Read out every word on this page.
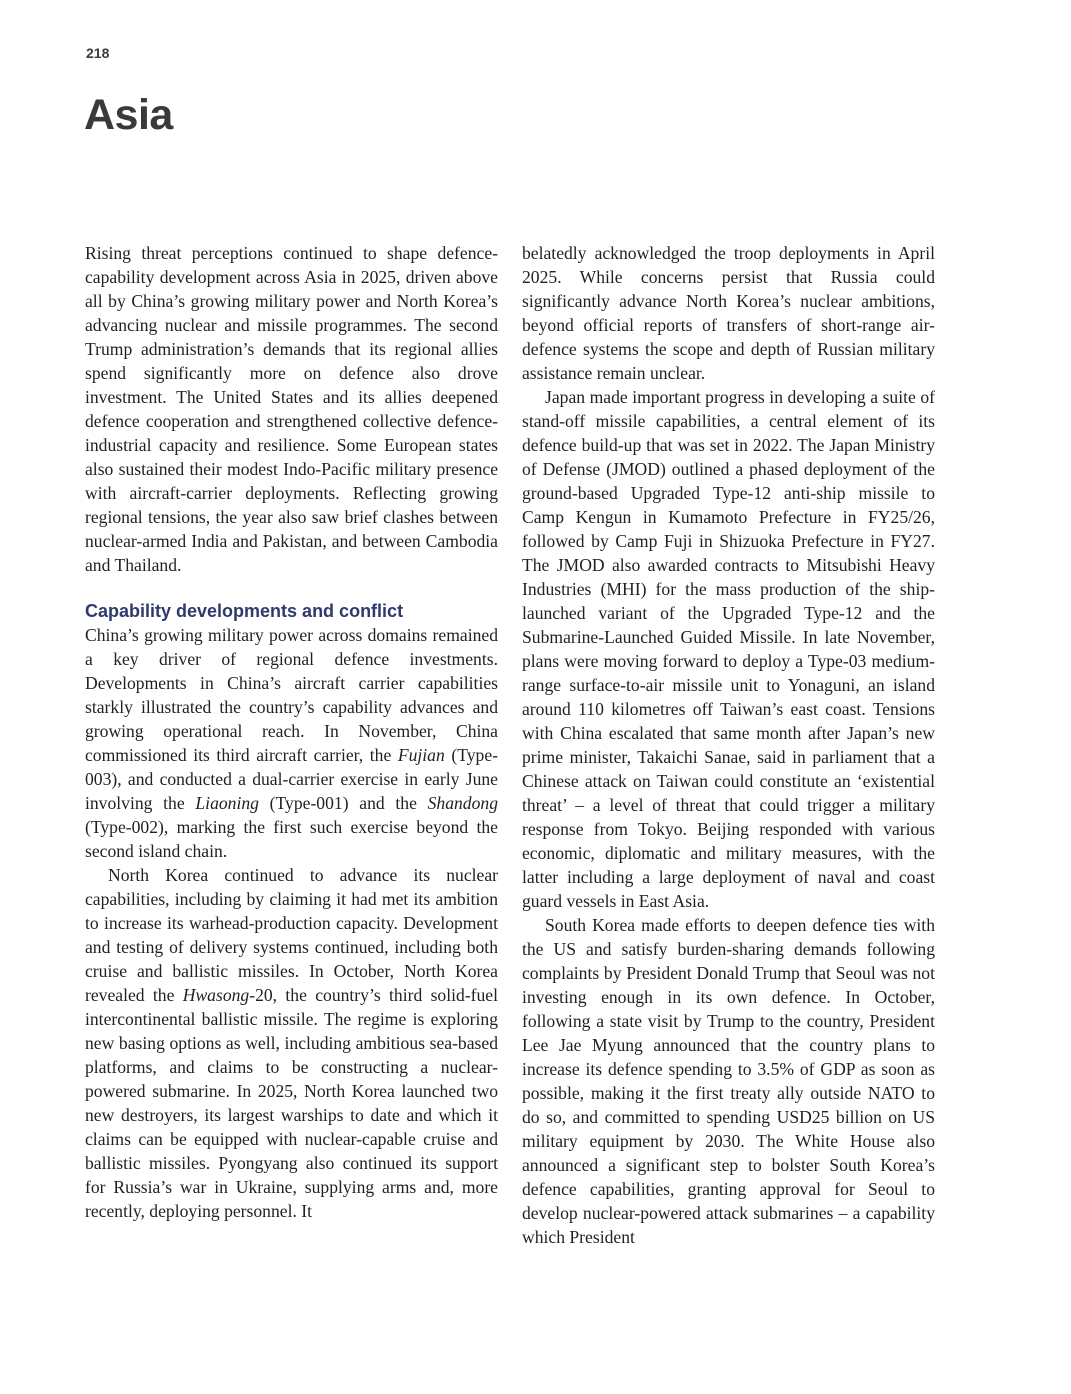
218
Asia

Rising threat perceptions continued to shape defence-capability development across Asia in 2025, driven above all by China’s growing military power and North Korea’s advancing nuclear and missile programmes. The second Trump administration’s demands that its regional allies spend significantly more on defence also drove investment. The United States and its allies deepened defence cooperation and strengthened collective defence-industrial capacity and resilience. Some European states also sustained their modest Indo-Pacific military presence with aircraft-carrier deployments. Reflecting growing regional tensions, the year also saw brief clashes between nuclear-armed India and Pakistan, and between Cambodia and Thailand.

Capability developments and conflict

China’s growing military power across domains remained a key driver of regional defence investments. Developments in China’s aircraft carrier capabilities starkly illustrated the country’s capability advances and growing operational reach. In November, China commissioned its third aircraft carrier, the Fujian (Type-003), and conducted a dual-carrier exercise in early June involving the Liaoning (Type-001) and the Shandong (Type-002), marking the first such exercise beyond the second island chain.

North Korea continued to advance its nuclear capabilities, including by claiming it had met its ambition to increase its warhead-production capacity. Development and testing of delivery systems continued, including both cruise and ballistic missiles. In October, North Korea revealed the Hwasong-20, the country’s third solid-fuel intercontinental ballistic missile. The regime is exploring new basing options as well, including ambitious sea-based platforms, and claims to be constructing a nuclear-powered submarine. In 2025, North Korea launched two new destroyers, its largest warships to date and which it claims can be equipped with nuclear-capable cruise and ballistic missiles. Pyongyang also continued its support for Russia’s war in Ukraine, supplying arms and, more recently, deploying personnel. It

belatedly acknowledged the troop deployments in April 2025. While concerns persist that Russia could significantly advance North Korea’s nuclear ambitions, beyond official reports of transfers of short-range air-defence systems the scope and depth of Russian military assistance remain unclear.

Japan made important progress in developing a suite of stand-off missile capabilities, a central element of its defence build-up that was set in 2022. The Japan Ministry of Defense (JMOD) outlined a phased deployment of the ground-based Upgraded Type-12 anti-ship missile to Camp Kengun in Kumamoto Prefecture in FY25/26, followed by Camp Fuji in Shizuoka Prefecture in FY27. The JMOD also awarded contracts to Mitsubishi Heavy Industries (MHI) for the mass production of the ship-launched variant of the Upgraded Type-12 and the Submarine-Launched Guided Missile. In late November, plans were moving forward to deploy a Type-03 medium-range surface-to-air missile unit to Yonaguni, an island around 110 kilometres off Taiwan’s east coast. Tensions with China escalated that same month after Japan’s new prime minister, Takaichi Sanae, said in parliament that a Chinese attack on Taiwan could constitute an ‘existential threat’ – a level of threat that could trigger a military response from Tokyo. Beijing responded with various economic, diplomatic and military measures, with the latter including a large deployment of naval and coast guard vessels in East Asia.

South Korea made efforts to deepen defence ties with the US and satisfy burden-sharing demands following complaints by President Donald Trump that Seoul was not investing enough in its own defence. In October, following a state visit by Trump to the country, President Lee Jae Myung announced that the country plans to increase its defence spending to 3.5% of GDP as soon as possible, making it the first treaty ally outside NATO to do so, and committed to spending USD25 billion on US military equipment by 2030. The White House also announced a significant step to bolster South Korea’s defence capabilities, granting approval for Seoul to develop nuclear-powered attack submarines – a capability which President
